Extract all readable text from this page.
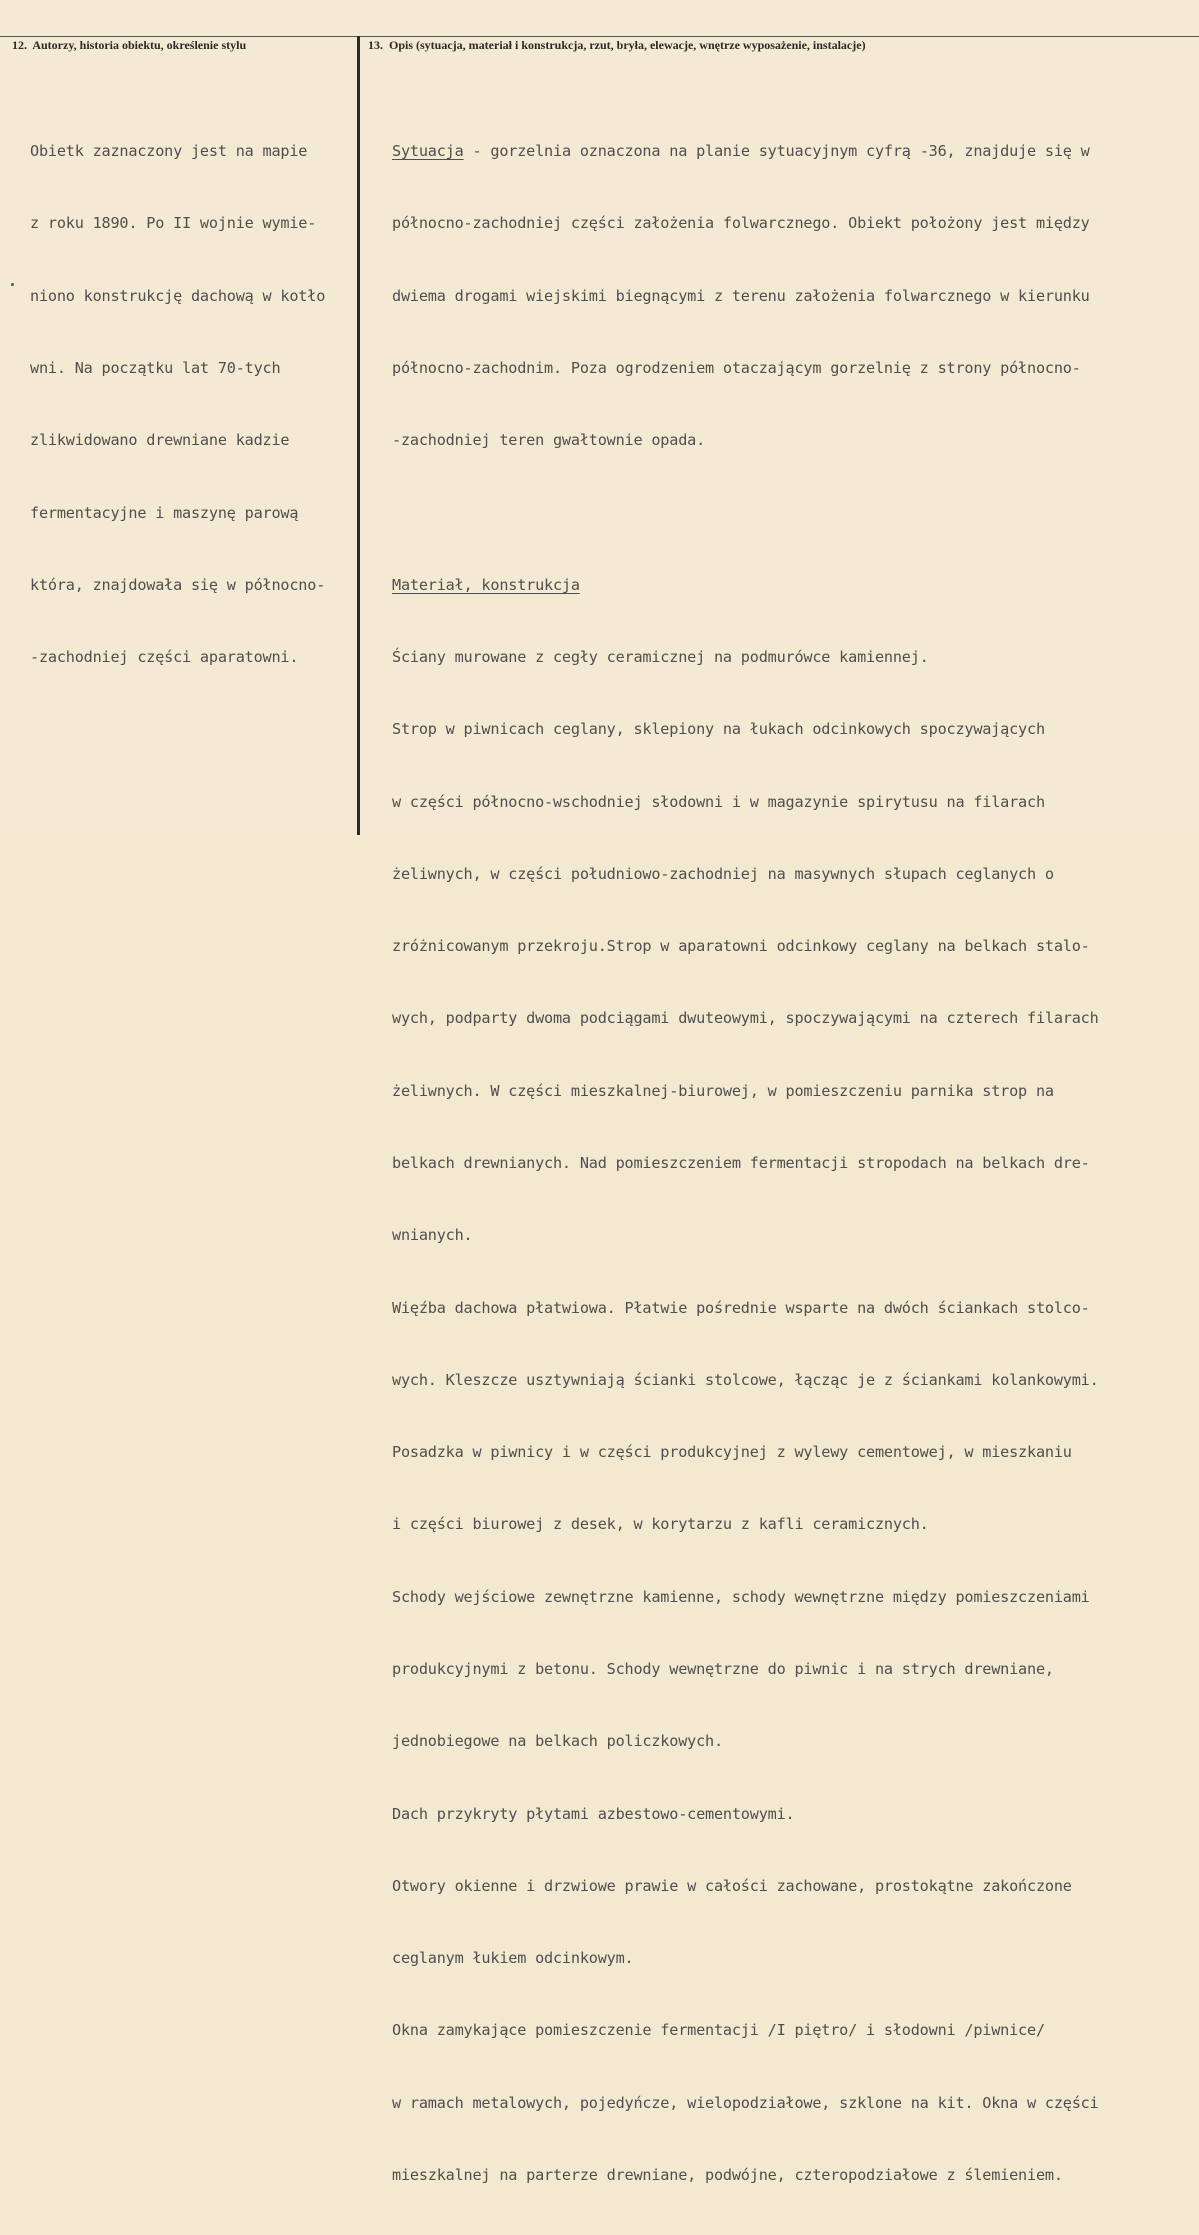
12. Autorzy, historia obiektu, określenie stylu	13. Opis (sytuacja, materiał i konstrukcja, rzut, bryła, elewacje, wnętrze wyposażenie, instalacje)

Obietk zaznaczony jest na mapie

z roku 1890. Po II wojnie wymie-

niono konstrukcję dachową w kotło

wni. Na początku lat 70-tych

zlikwidowano drewniane kadzie

fermentacyjne i maszynę parową

która, znajdowała się w północno-

-zachodniej części aparatowni.

Sytuacja - gorzelnia oznaczona na planie sytuacyjnym cyfrą -36, znajduje się w

północno-zachodniej części założenia folwarcznego. Obiekt położony jest między

dwiema drogami wiejskimi biegnącymi z terenu założenia folwarcznego w kierunku

północno-zachodnim. Poza ogrodzeniem otaczającym gorzelnię z strony północno-

-zachodniej teren gwałtownie opada.

Materiał, konstrukcja

Ściany murowane z cegły ceramicznej na podmurówce kamiennej.

Strop w piwnicach ceglany, sklepiony na łukach odcinkowych spoczywających

w części północno-wschodniej słodowni i w magazynie spirytusu na filarach

żeliwnych, w części południowo-zachodniej na masywnych słupach ceglanych o

zróżnicowanym przekroju.Strop w aparatowni odcinkowy ceglany na belkach stalo-

wych, podparty dwoma podciągami dwuteowymi, spoczywającymi na czterech filarach

żeliwnych. W części mieszkalnej-biurowej, w pomieszczeniu parnika strop na

belkach drewnianych. Nad pomieszczeniem fermentacji stropodach na belkach dre-

wnianych.

Więźba dachowa płatwiowa. Płatwie pośrednie wsparte na dwóch ściankach stolco-

wych. Kleszcze usztywniają ścianki stolcowe, łącząc je z ściankami kolankowymi.

Posadzka w piwnicy i w części produkcyjnej z wylewy cementowej, w mieszkaniu

i części biurowej z desek, w korytarzu z kafli ceramicznych.

Schody wejściowe zewnętrzne kamienne, schody wewnętrzne między pomieszczeniami

produkcyjnymi z betonu. Schody wewnętrzne do piwnic i na strych drewniane,

jednobiegowe na belkach policzkowych.

Dach przykryty płytami azbestowo-cementowymi.

Otwory okienne i drzwiowe prawie w całości zachowane, prostokątne zakończone

ceglanym łukiem odcinkowym.

Okna zamykające pomieszczenie fermentacji /I piętro/ i słodowni /piwnice/

w ramach metalowych, pojedyńcze, wielopodziałowe, szklone na kit. Okna w części

mieszkalnej na parterze drewniane, podwójne, czteropodziałowe z ślemieniem.
